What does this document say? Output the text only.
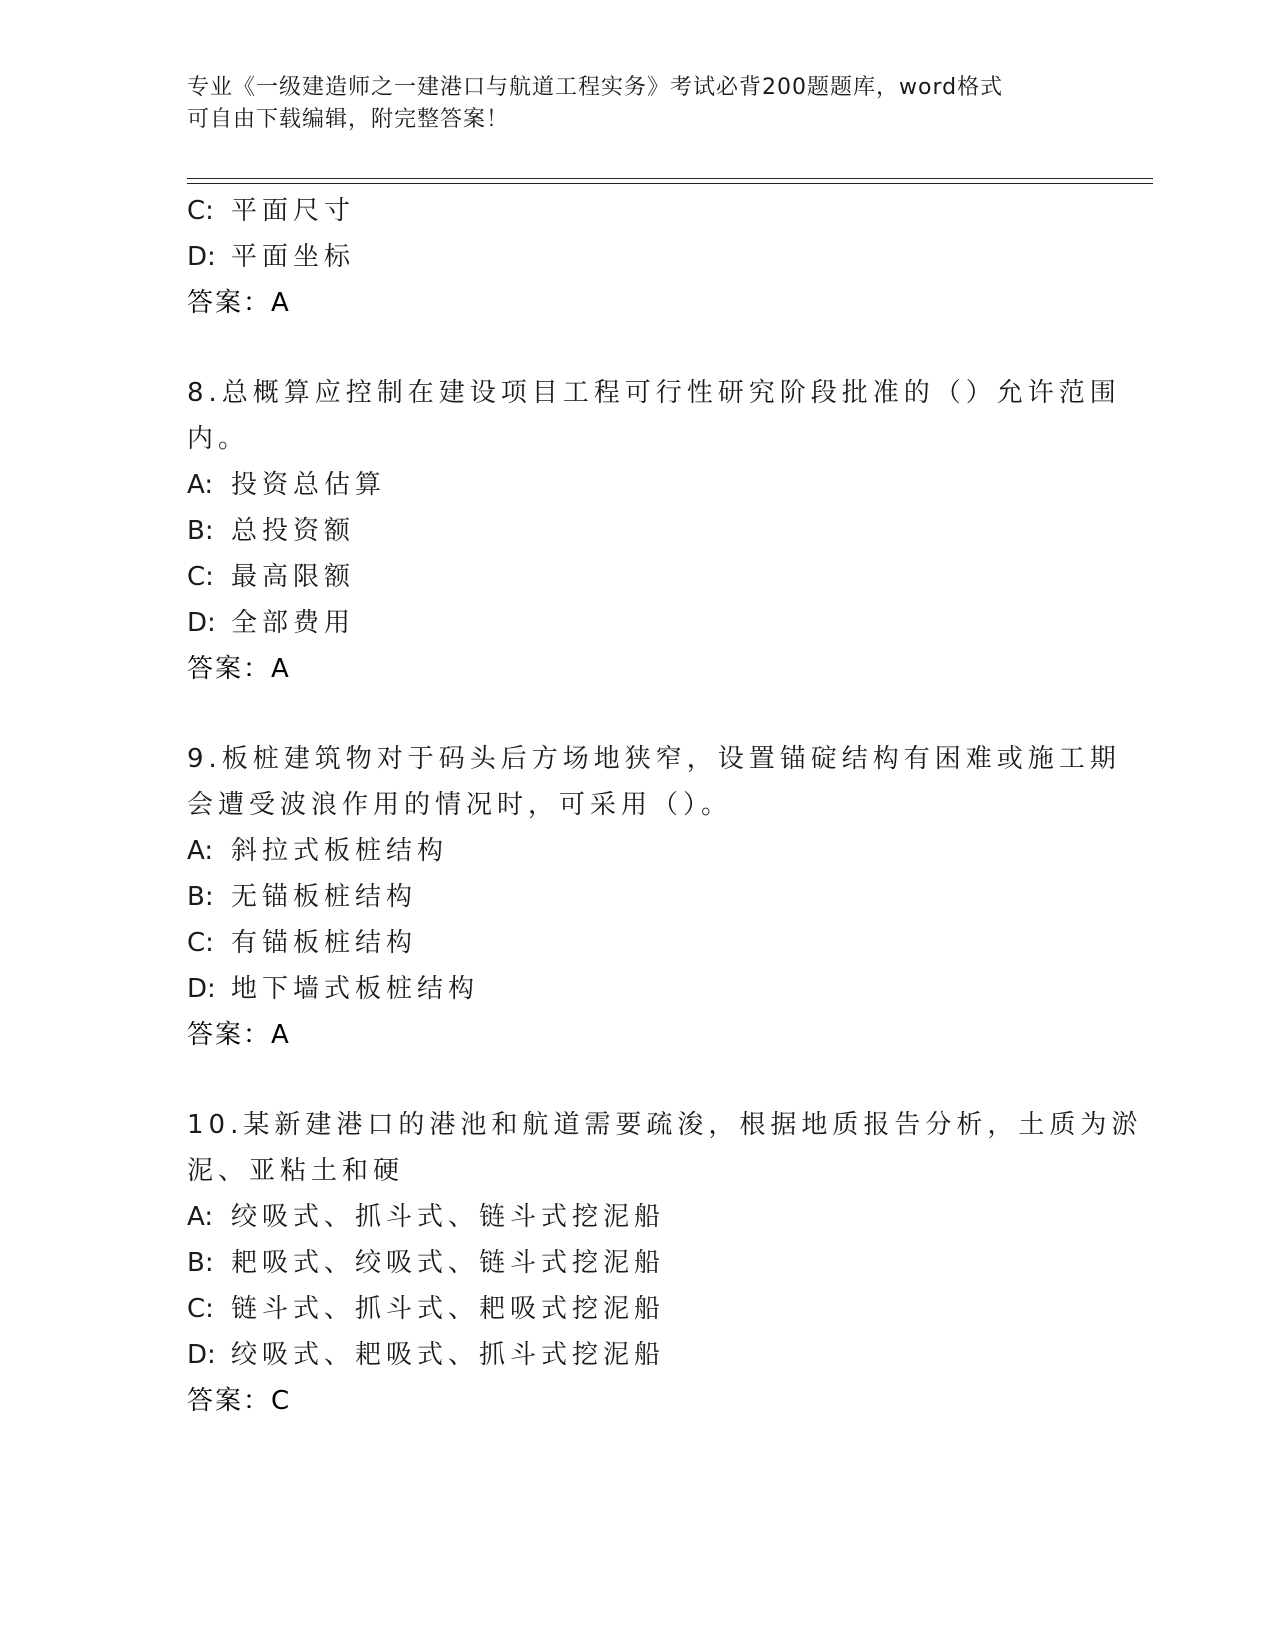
专业《一级建造师之一建港口与航道工程实务》考试必背200题题库，word格式
可自由下载编辑，附完整答案！
C: 平面尺寸
D: 平面坐标
答案：A
8.总概算应控制在建设项目工程可行性研究阶段批准的（）允许范围
内。
A: 投资总估算
B: 总投资额
C: 最高限额
D: 全部费用
答案：A
9.板桩建筑物对于码头后方场地狭窄，设置锚碇结构有困难或施工期
会遭受波浪作用的情况时，可采用（）。
A: 斜拉式板桩结构
B: 无锚板桩结构
C: 有锚板桩结构
D: 地下墙式板桩结构
答案：A
10.某新建港口的港池和航道需要疏浚，根据地质报告分析，土质为淤
泥、亚粘土和硬
A: 绞吸式、抓斗式、链斗式挖泥船
B: 耙吸式、绞吸式、链斗式挖泥船
C: 链斗式、抓斗式、耙吸式挖泥船
D: 绞吸式、耙吸式、抓斗式挖泥船
答案：C
